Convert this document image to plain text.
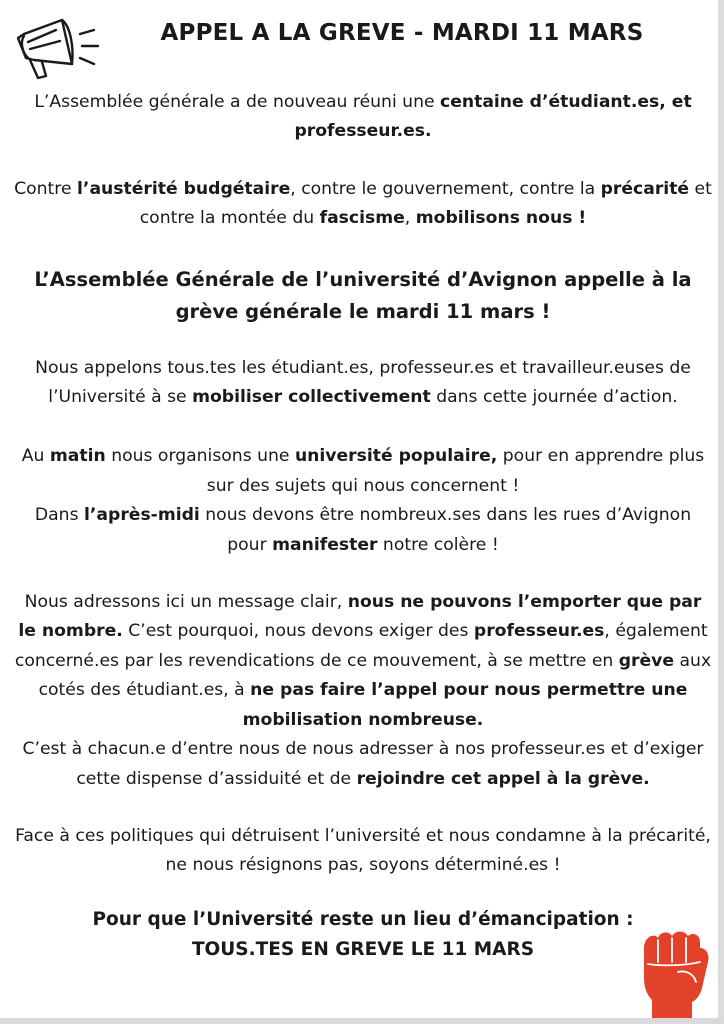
APPEL A LA GREVE - MARDI 11 MARS

L’Assemblée générale a de nouveau réuni une centaine d’étudiant.es, et professeur.es.

Contre l’austérité budgétaire, contre le gouvernement, contre la précarité et contre la montée du fascisme, mobilisons nous !

L’Assemblée Générale de l’université d’Avignon appelle à la grève générale le mardi 11 mars !

Nous appelons tous.tes les étudiant.es, professeur.es et travailleur.euses de l’Université à se mobiliser collectivement dans cette journée d’action.

Au matin nous organisons une université populaire, pour en apprendre plus sur des sujets qui nous concernent !
Dans l’après-midi nous devons être nombreux.ses dans les rues d’Avignon pour manifester notre colère !

Nous adressons ici un message clair, nous ne pouvons l’emporter que par le nombre. C’est pourquoi, nous devons exiger des professeur.es, également concerné.es par les revendications de ce mouvement, à se mettre en grève aux cotés des étudiant.es, à ne pas faire l’appel pour nous permettre une mobilisation nombreuse.
C’est à chacun.e d’entre nous de nous adresser à nos professeur.es et d’exiger cette dispense d’assiduité et de rejoindre cet appel à la grève.

Face à ces politiques qui détruisent l’université et nous condamne à la précarité, ne nous résignons pas, soyons déterminé.es !

Pour que l’Université reste un lieu d’émancipation :
TOUS.TES EN GREVE LE 11 MARS
